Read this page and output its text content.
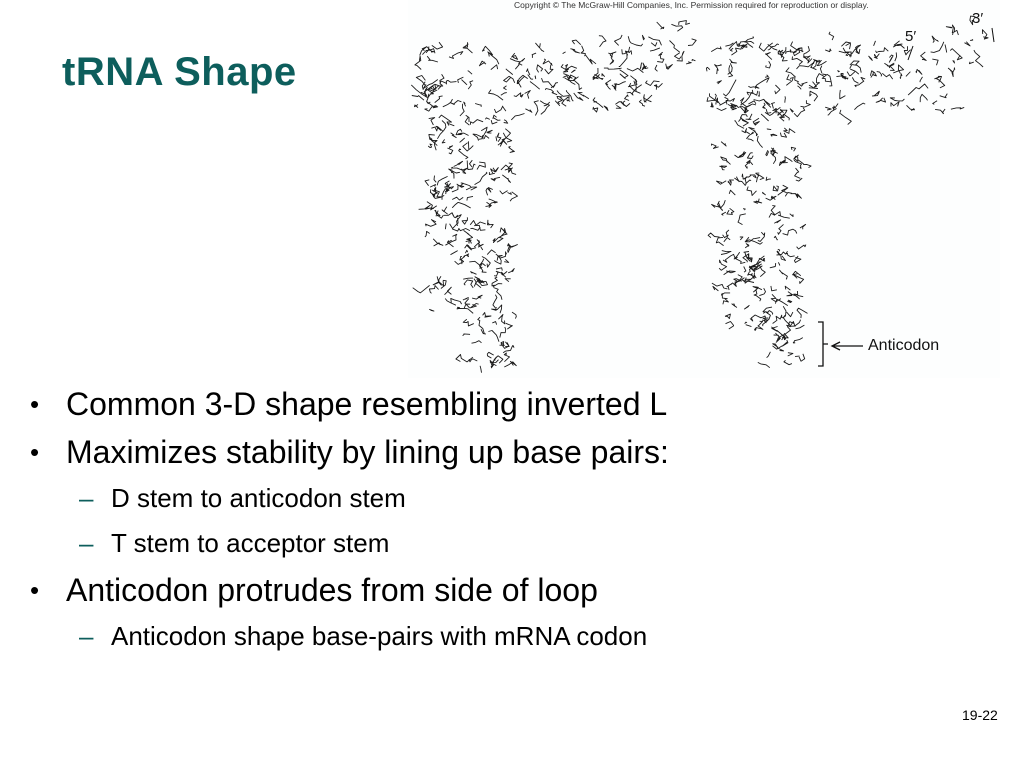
tRNA Shape
Copyright © The McGraw-Hill Companies, Inc. Permission required for reproduction or display.
5′
3′
Anticodon
• Common 3-D shape resembling inverted L
• Maximizes stability by lining up base pairs:
– D stem to anticodon stem
– T stem to acceptor stem
• Anticodon protrudes from side of loop
– Anticodon shape base-pairs with mRNA codon
19-22
